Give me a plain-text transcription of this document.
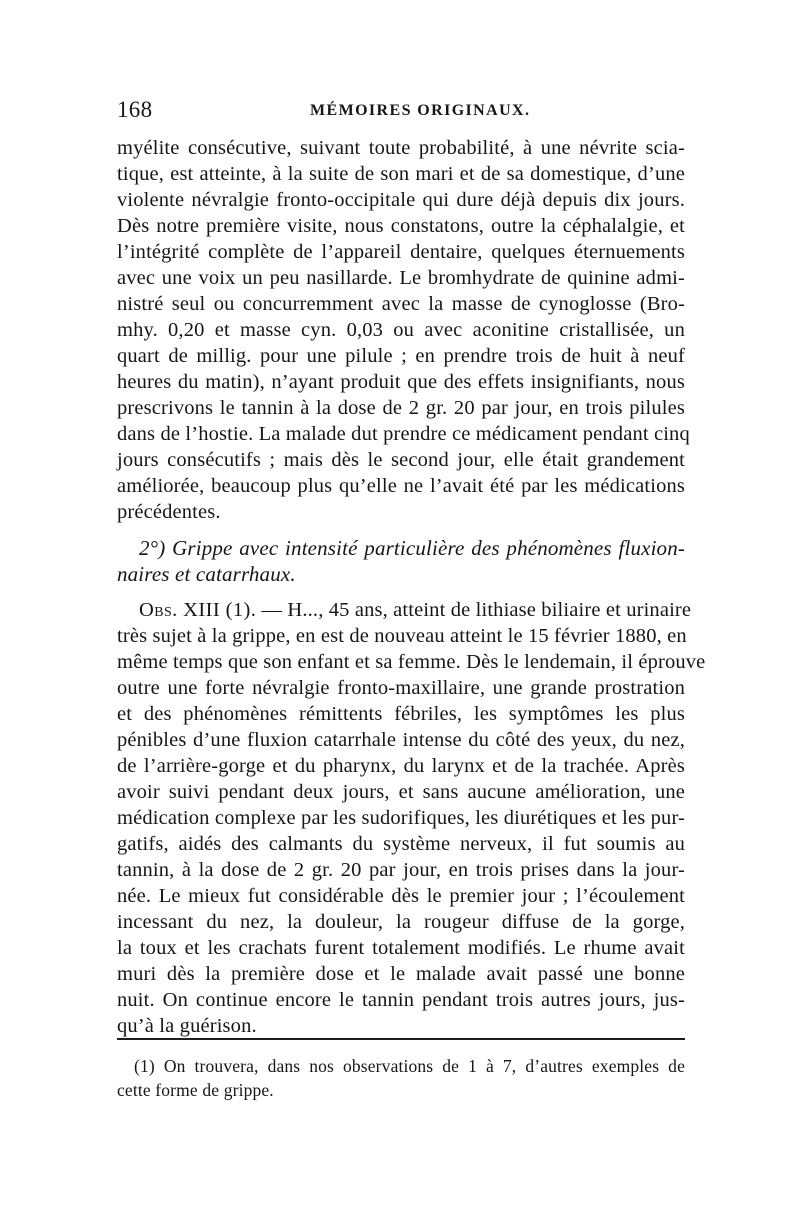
168	MÉMOIRES ORIGINAUX.
myélite consécutive, suivant toute probabilité, à une névrite scia-
tique, est atteinte, à la suite de son mari et de sa domestique, d’une
violente névralgie fronto-occipitale qui dure déjà depuis dix jours.
Dès notre première visite, nous constatons, outre la céphalalgie, et
l’intégrité complète de l’appareil dentaire, quelques éternuements
avec une voix un peu nasillarde. Le bromhydrate de quinine admi-
nistré seul ou concurremment avec la masse de cynoglosse (Bro-
mhy. 0,20 et masse cyn. 0,03 ou avec aconitine cristallisée, un
quart de millig. pour une pilule ; en prendre trois de huit à neuf
heures du matin), n’ayant produit que des effets insignifiants, nous
prescrivons le tannin à la dose de 2 gr. 20 par jour, en trois pilules
dans de l’hostie. La malade dut prendre ce médicament pendant cinq
jours consécutifs ; mais dès le second jour, elle était grandement
améliorée, beaucoup plus qu’elle ne l’avait été par les médications
précédentes.
2°) Grippe avec intensité particulière des phénomènes fluxion-
naires et catarrhaux.
Obs. XIII (1). — H..., 45 ans, atteint de lithiase biliaire et urinaire
très sujet à la grippe, en est de nouveau atteint le 15 février 1880, en
même temps que son enfant et sa femme. Dès le lendemain, il éprouve
outre une forte névralgie fronto-maxillaire, une grande prostration
et des phénomènes rémittents fébriles, les symptômes les plus
pénibles d’une fluxion catarrhale intense du côté des yeux, du nez,
de l’arrière-gorge et du pharynx, du larynx et de la trachée. Après
avoir suivi pendant deux jours, et sans aucune amélioration, une
médication complexe par les sudorifiques, les diurétiques et les pur-
gatifs, aidés des calmants du système nerveux, il fut soumis au
tannin, à la dose de 2 gr. 20 par jour, en trois prises dans la jour-
née. Le mieux fut considérable dès le premier jour ; l’écoulement
incessant du nez, la douleur, la rougeur diffuse de la gorge,
la toux et les crachats furent totalement modifiés. Le rhume avait
muri dès la première dose et le malade avait passé une bonne
nuit. On continue encore le tannin pendant trois autres jours, jus-
qu’à la guérison.
(1) On trouvera, dans nos observations de 1 à 7, d’autres exemples de
cette forme de grippe.
